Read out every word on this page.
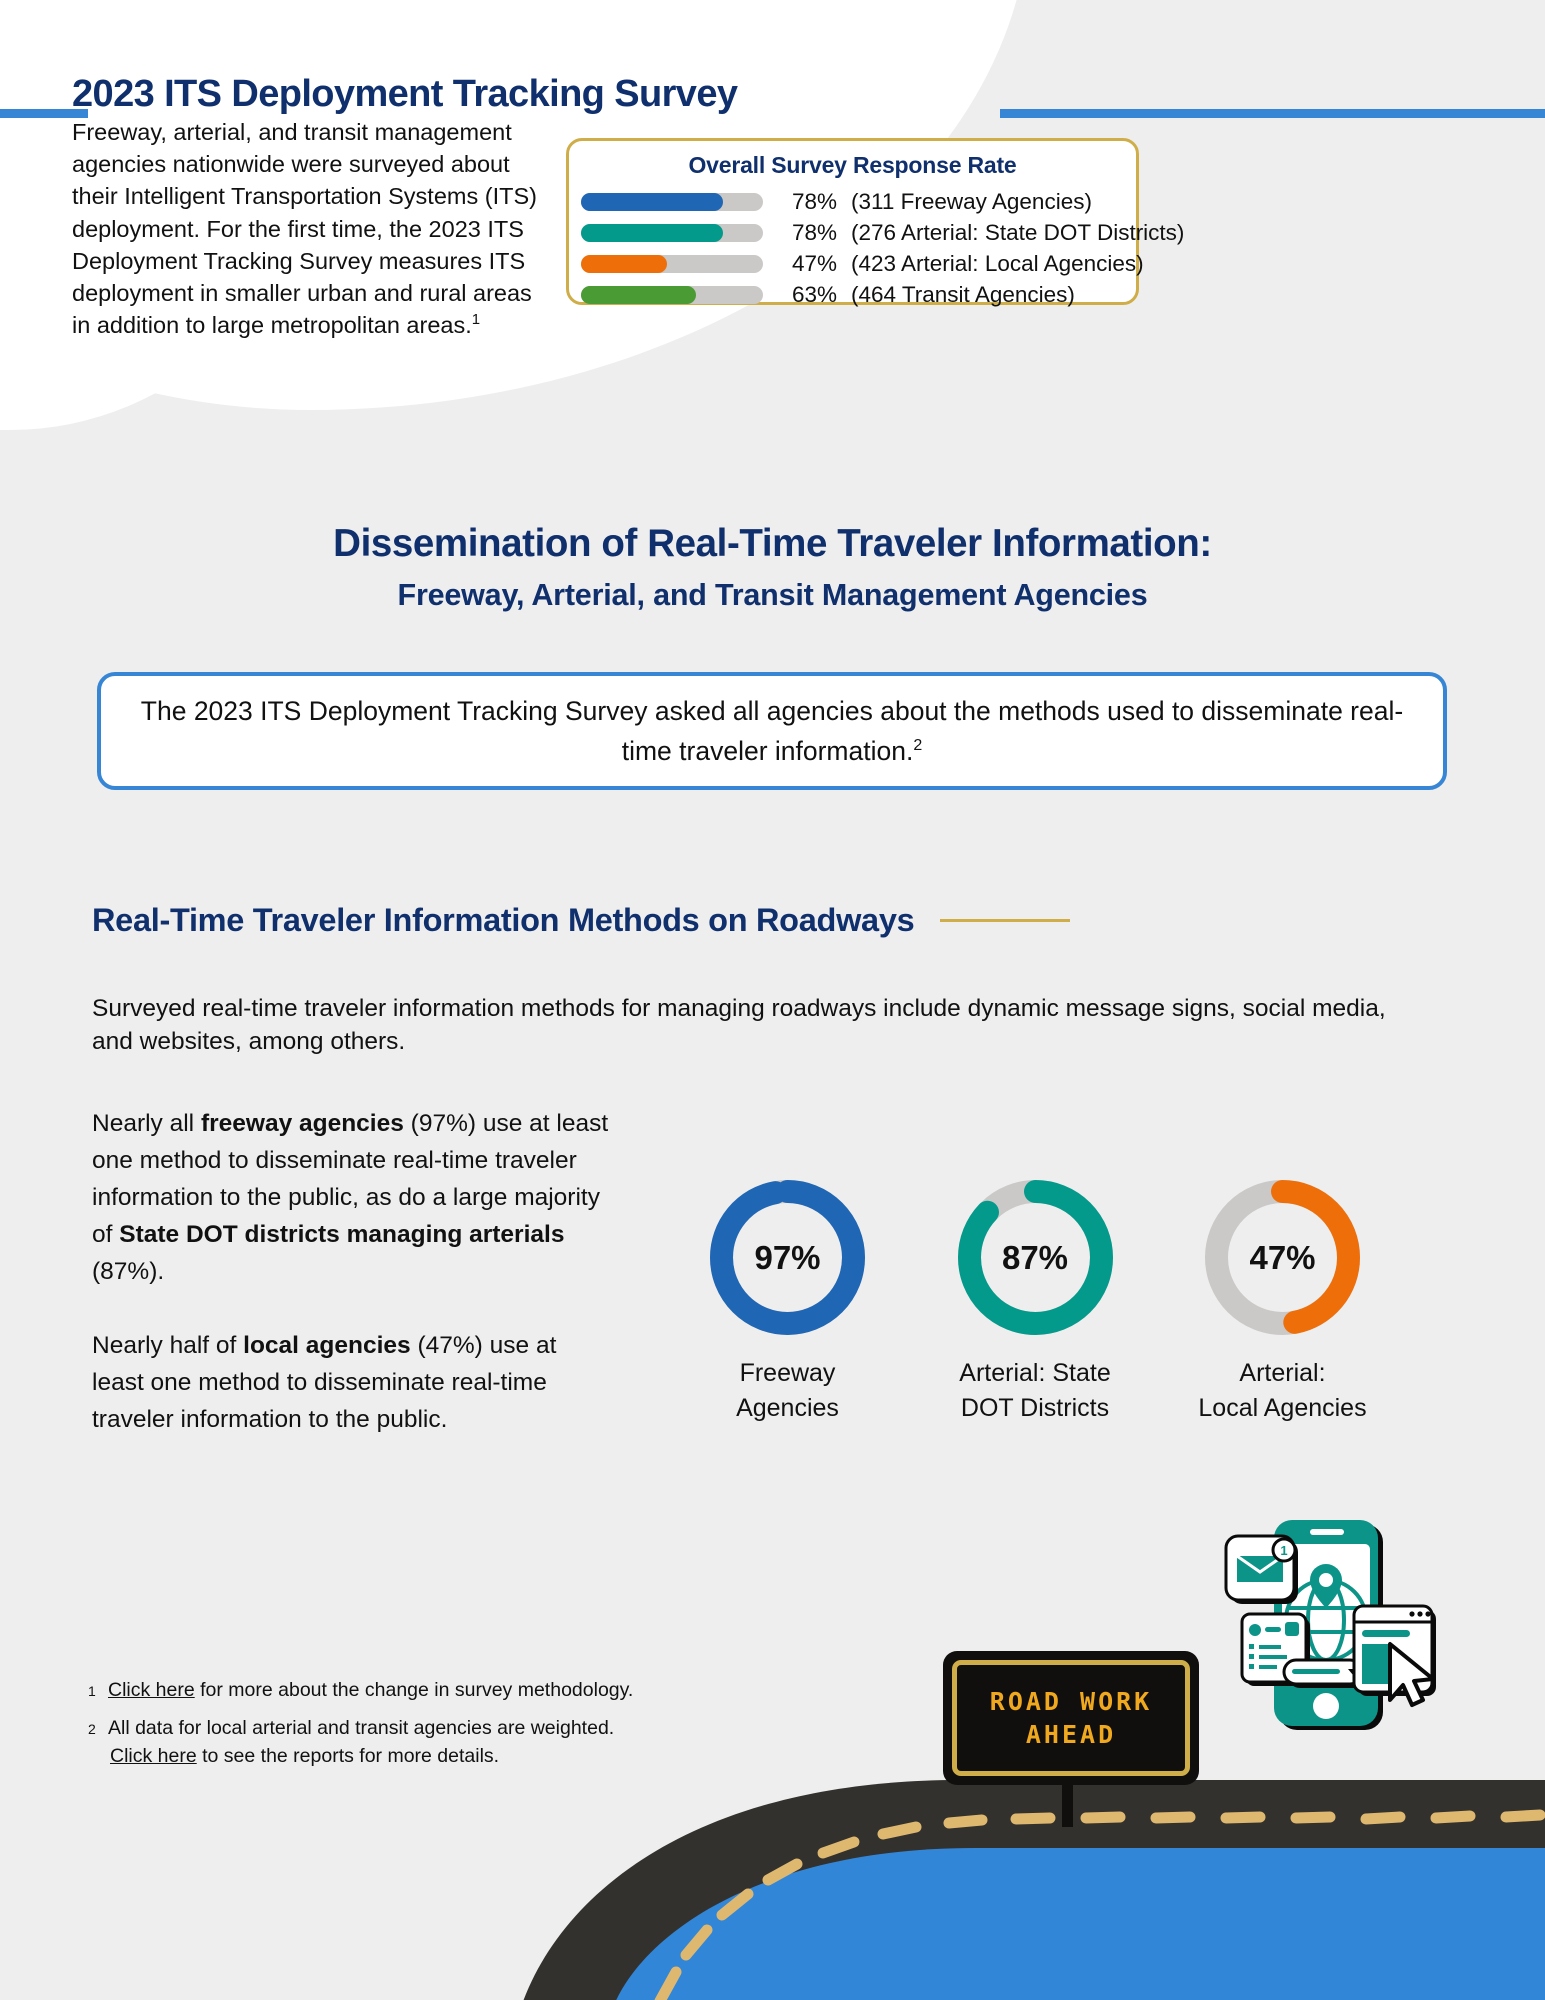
2023 ITS Deployment Tracking Survey
Freeway, arterial, and transit management agencies nationwide were surveyed about their Intelligent Transportation Systems (ITS) deployment. For the first time, the 2023 ITS Deployment Tracking Survey measures ITS deployment in smaller urban and rural areas in addition to large metropolitan areas.$^1$
Overall Survey Response Rate
78% (311 Freeway Agencies)
78% (276 Arterial: State DOT Districts)
47% (423 Arterial: Local Agencies)
63% (464 Transit Agencies)
Dissemination of Real-Time Traveler Information:
Freeway, Arterial, and Transit Management Agencies
The 2023 ITS Deployment Tracking Survey asked all agencies about the methods used to disseminate real-time traveler information.$^2$
Real-Time Traveler Information Methods on Roadways
Surveyed real-time traveler information methods for managing roadways include dynamic message signs, social media, and websites, among others.

Nearly all freeway agencies (97%) use at least one method to disseminate real-time traveler information to the public, as do a large majority of State DOT districts managing arterials (87%).

Nearly half of local agencies (47%) use at least one method to disseminate real-time traveler information to the public.

97%
Freeway
Agencies
87%
Arterial: State
DOT Districts
47%
Arterial:
Local Agencies
ROAD WORK
AHEAD
1
1 Click here for more about the change in survey methodology.
2 All data for local arterial and transit agencies are weighted.
Click here to see the reports for more details.
